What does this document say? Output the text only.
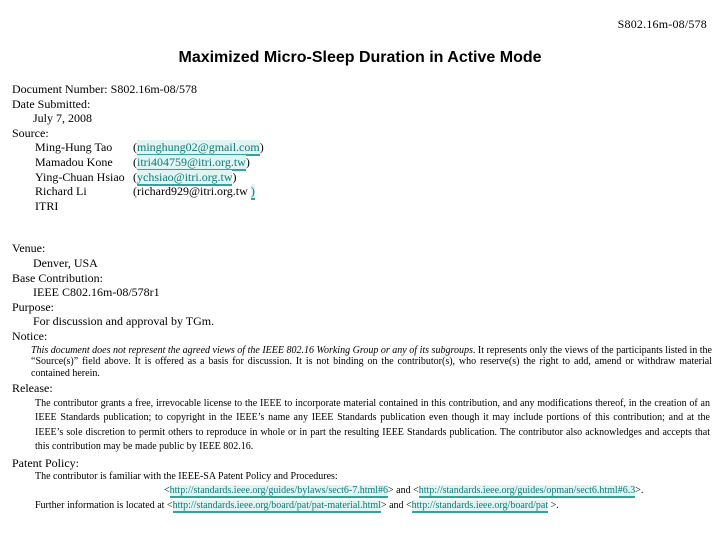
S802.16m-08/578
Maximized Micro-Sleep Duration in Active Mode
Document Number: S802.16m-08/578
Date Submitted:
July 7, 2008
Source:
Ming-Hung Tao	(minghung02@gmail.com)
Mamadou Kone	(itri404759@itri.org.tw)
Ying-Chuan Hsiao (ychsiao@itri.org.tw)
Richard Li	(richard929@itri.org.tw )
ITRI
Venue:
Denver, USA
Base Contribution:
IEEE C802.16m-08/578r1
Purpose:
For discussion and approval by TGm.
Notice:
This document does not represent the agreed views of the IEEE 802.16 Working Group or any of its subgroups. It represents only the views of the participants listed in the “Source(s)” field above. It is offered as a basis for discussion. It is not binding on the contributor(s), who reserve(s) the right to add, amend or withdraw material contained herein.
Release:
The contributor grants a free, irrevocable license to the IEEE to incorporate material contained in this contribution, and any modifications thereof, in the creation of an IEEE Standards publication; to copyright in the IEEE’s name any IEEE Standards publication even though it may include portions of this contribution; and at the IEEE’s sole discretion to permit others to reproduce in whole or in part the resulting IEEE Standards publication. The contributor also acknowledges and accepts that this contribution may be made public by IEEE 802.16.
Patent Policy:
The contributor is familiar with the IEEE-SA Patent Policy and Procedures:
<http://standards.ieee.org/guides/bylaws/sect6-7.html#6> and <http://standards.ieee.org/guides/opman/sect6.html#6.3>.
Further information is located at <http://standards.ieee.org/board/pat/pat-material.html> and <http://standards.ieee.org/board/pat >.
